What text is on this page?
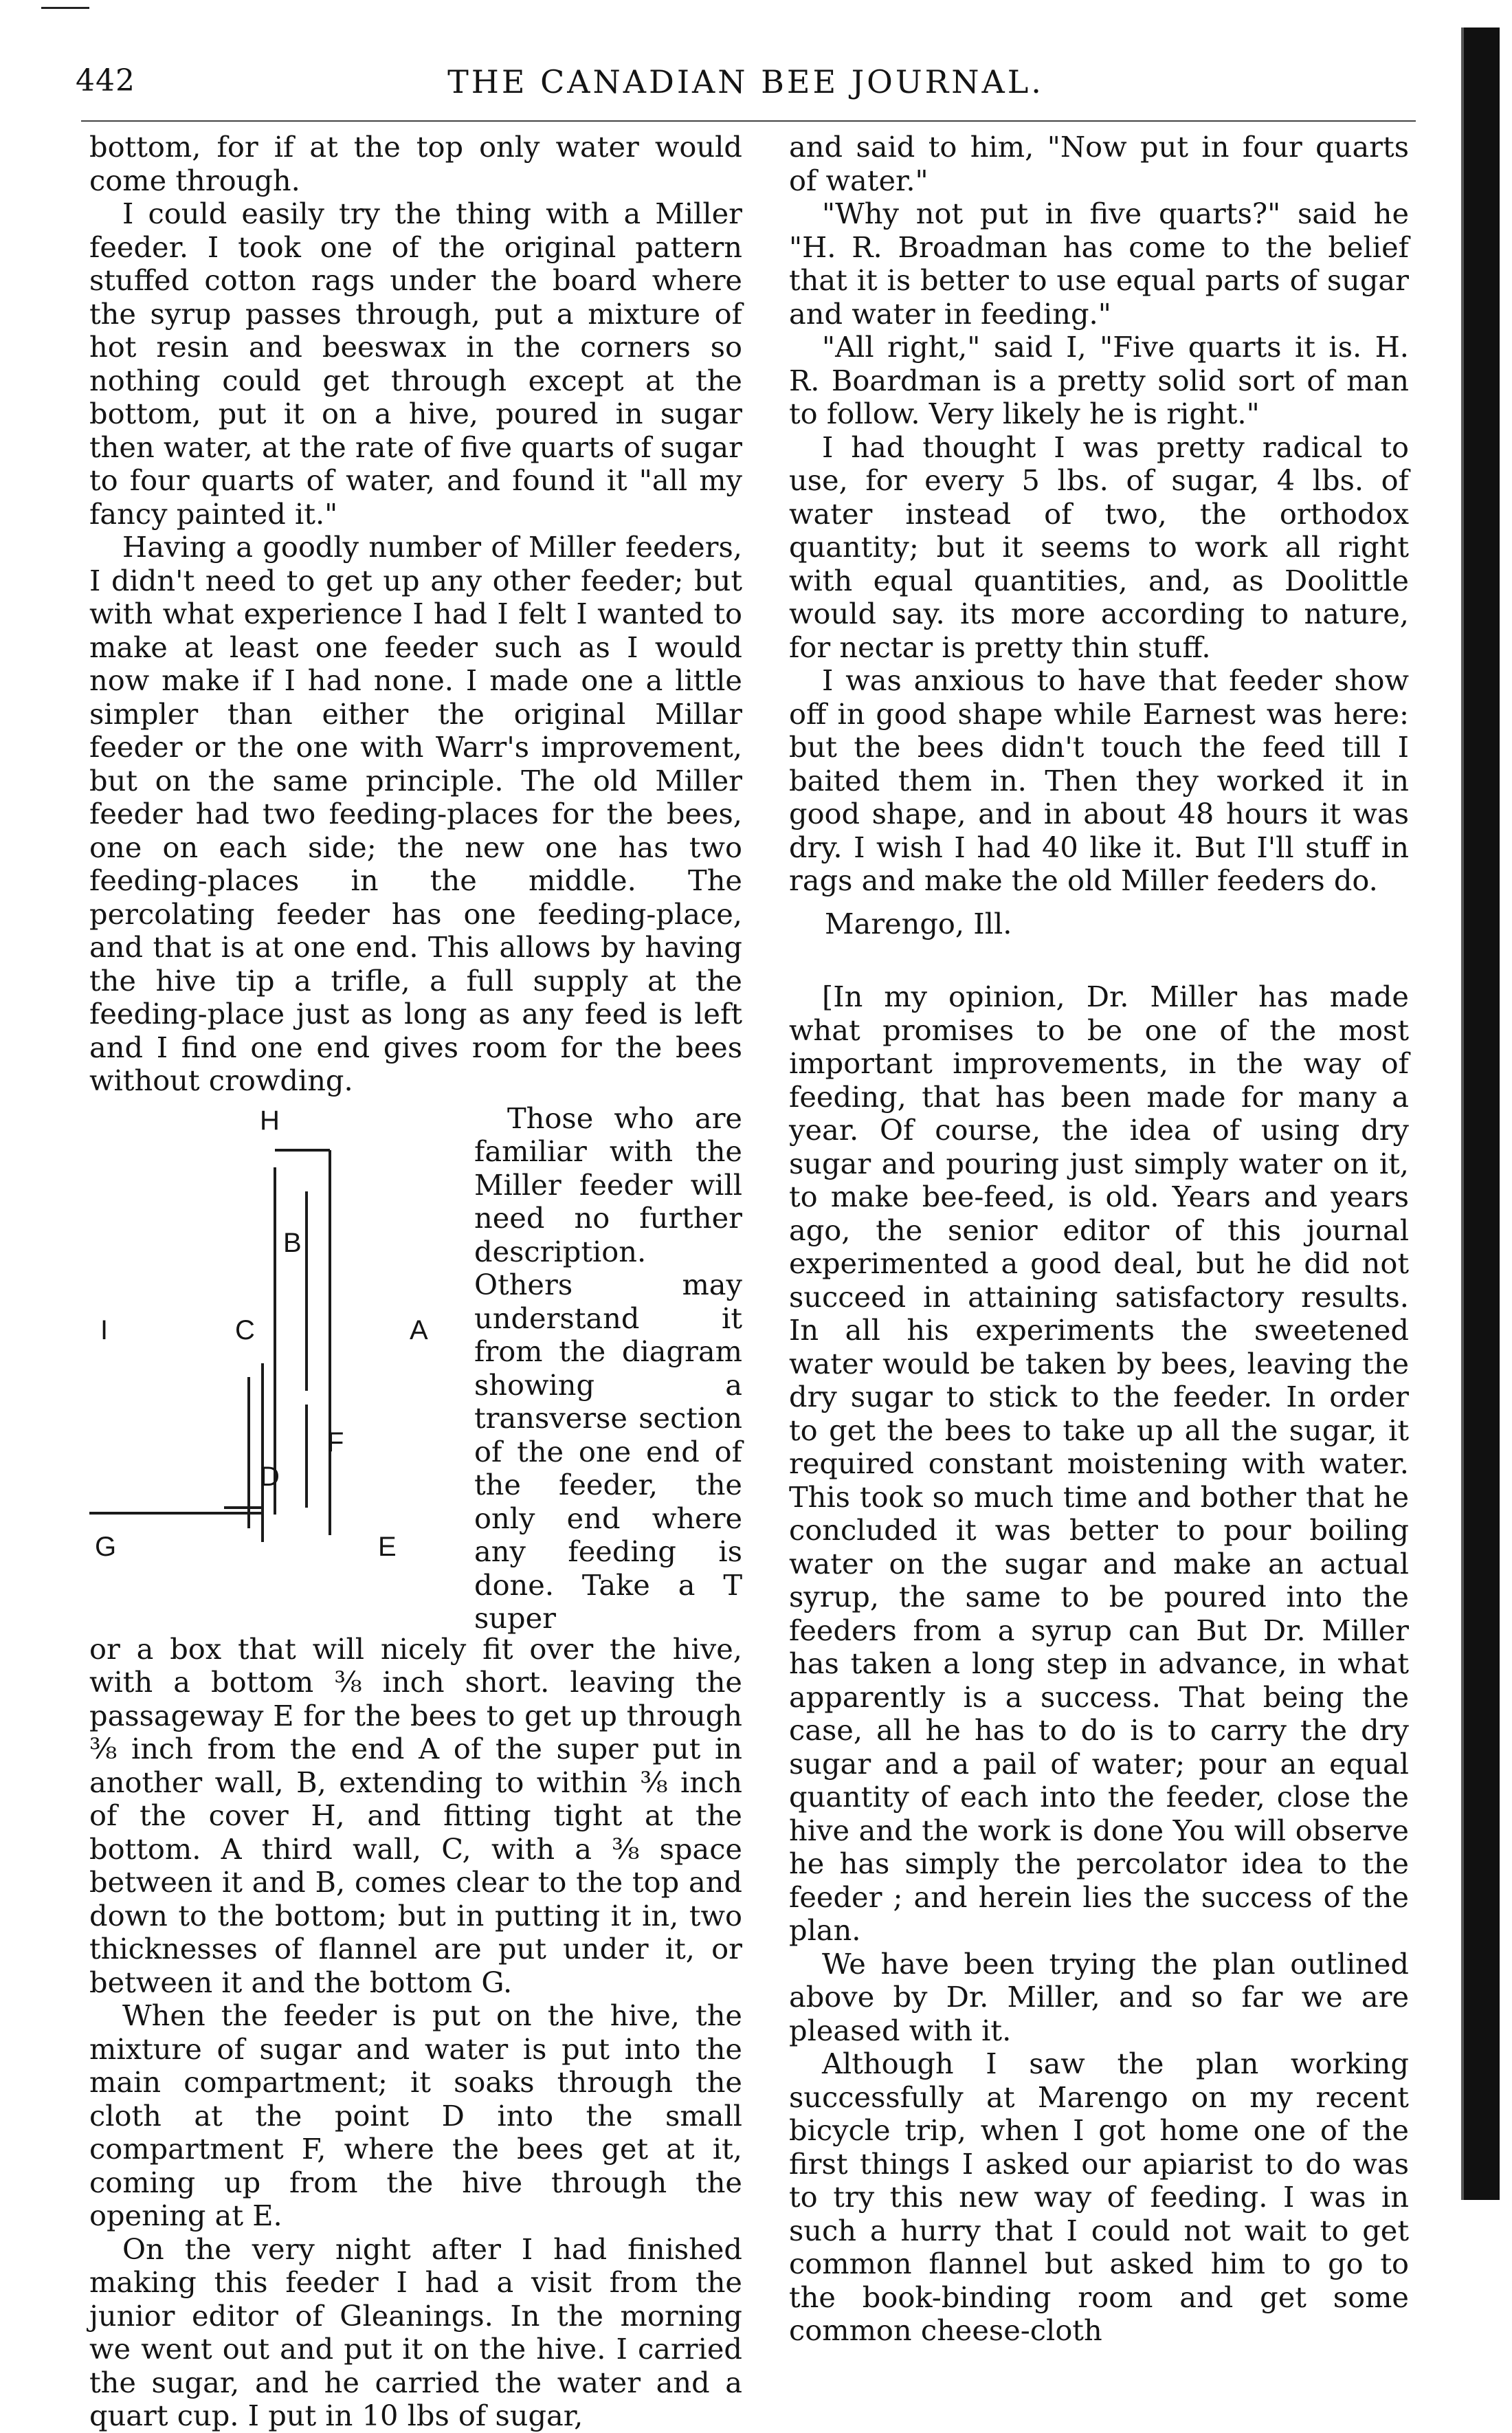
442	THE CANADIAN BEE JOURNAL.

bottom, for if at the top only water would come through.

I could easily try the thing with a Miller feeder. I took one of the original pattern stuffed cotton rags under the board where the syrup passes through, put a mixture of hot resin and beeswax in the corners so nothing could get through except at the bottom, put it on a hive, poured in sugar then water, at the rate of five quarts of sugar to four quarts of water, and found it "all my fancy painted it."

Having a goodly number of Miller feeders, I didn't need to get up any other feeder; but with what experience I had I felt I wanted to make at least one feeder such as I would now make if I had none. I made one a little simpler than either the original Millar feeder or the one with Warr's improvement, but on the same principle. The old Miller feeder had two feeding-places for the bees, one on each side; the new one has two feeding-places in the middle. The percolating feeder has one feeding-place, and that is at one end. This allows by having the hive tip a trifle, a full supply at the feeding-place just as long as any feed is left and I find one end gives room for the bees without crowding.

H
B
I	C	A
F
D
G	E

Those who are familiar with the Miller feeder will need no further description. Others may understand it from the diagram showing a transverse section of the one end of the feeder, the only end where any feeding is done. Take a T super

or a box that will nicely fit over the hive, with a bottom ⅜ inch short. leaving the passageway E for the bees to get up through ⅜ inch from the end A of the super put in another wall, B, extending to within ⅜ inch of the cover H, and fitting tight at the bottom. A third wall, C, with a ⅜ space between it and B, comes clear to the top and down to the bottom; but in putting it in, two thicknesses of flannel are put under it, or between it and the bottom G.

When the feeder is put on the hive, the mixture of sugar and water is put into the main compartment; it soaks through the cloth at the point D into the small compartment F, where the bees get at it, coming up from the hive through the opening at E.

On the very night after I had finished making this feeder I had a visit from the junior editor of Gleanings. In the morning we went out and put it on the hive. I carried the sugar, and he carried the water and a quart cup. I put in 10 lbs of sugar,

and said to him, "Now put in four quarts of water."

"Why not put in five quarts?" said he "H. R. Broadman has come to the belief that it is better to use equal parts of sugar and water in feeding."

"All right," said I, "Five quarts it is. H. R. Boardman is a pretty solid sort of man to follow. Very likely he is right."

I had thought I was pretty radical to use, for every 5 lbs. of sugar, 4 lbs. of water instead of two, the orthodox quantity; but it seems to work all right with equal quantities, and, as Doolittle would say. its more according to nature, for nectar is pretty thin stuff.

I was anxious to have that feeder show off in good shape while Earnest was here: but the bees didn't touch the feed till I baited them in. Then they worked it in good shape, and in about 48 hours it was dry. I wish I had 40 like it. But I'll stuff in rags and make the old Miller feeders do.

Marengo, Ill.

[In my opinion, Dr. Miller has made what promises to be one of the most important improvements, in the way of feeding, that has been made for many a year. Of course, the idea of using dry sugar and pouring just simply water on it, to make bee-feed, is old. Years and years ago, the senior editor of this journal experimented a good deal, but he did not succeed in attaining satisfactory results. In all his experiments the sweetened water would be taken by bees, leaving the dry sugar to stick to the feeder. In order to get the bees to take up all the sugar, it required constant moistening with water. This took so much time and bother that he concluded it was better to pour boiling water on the sugar and make an actual syrup, the same to be poured into the feeders from a syrup can But Dr. Miller has taken a long step in advance, in what apparently is a success. That being the case, all he has to do is to carry the dry sugar and a pail of water; pour an equal quantity of each into the feeder, close the hive and the work is done You will observe he has simply the percolator idea to the feeder ; and herein lies the success of the plan.

We have been trying the plan outlined above by Dr. Miller, and so far we are pleased with it.

Although I saw the plan working successfully at Marengo on my recent bicycle trip, when I got home one of the first things I asked our apiarist to do was to try this new way of feeding. I was in such a hurry that I could not wait to get common flannel but asked him to go to the book-binding room and get some common cheese-cloth
